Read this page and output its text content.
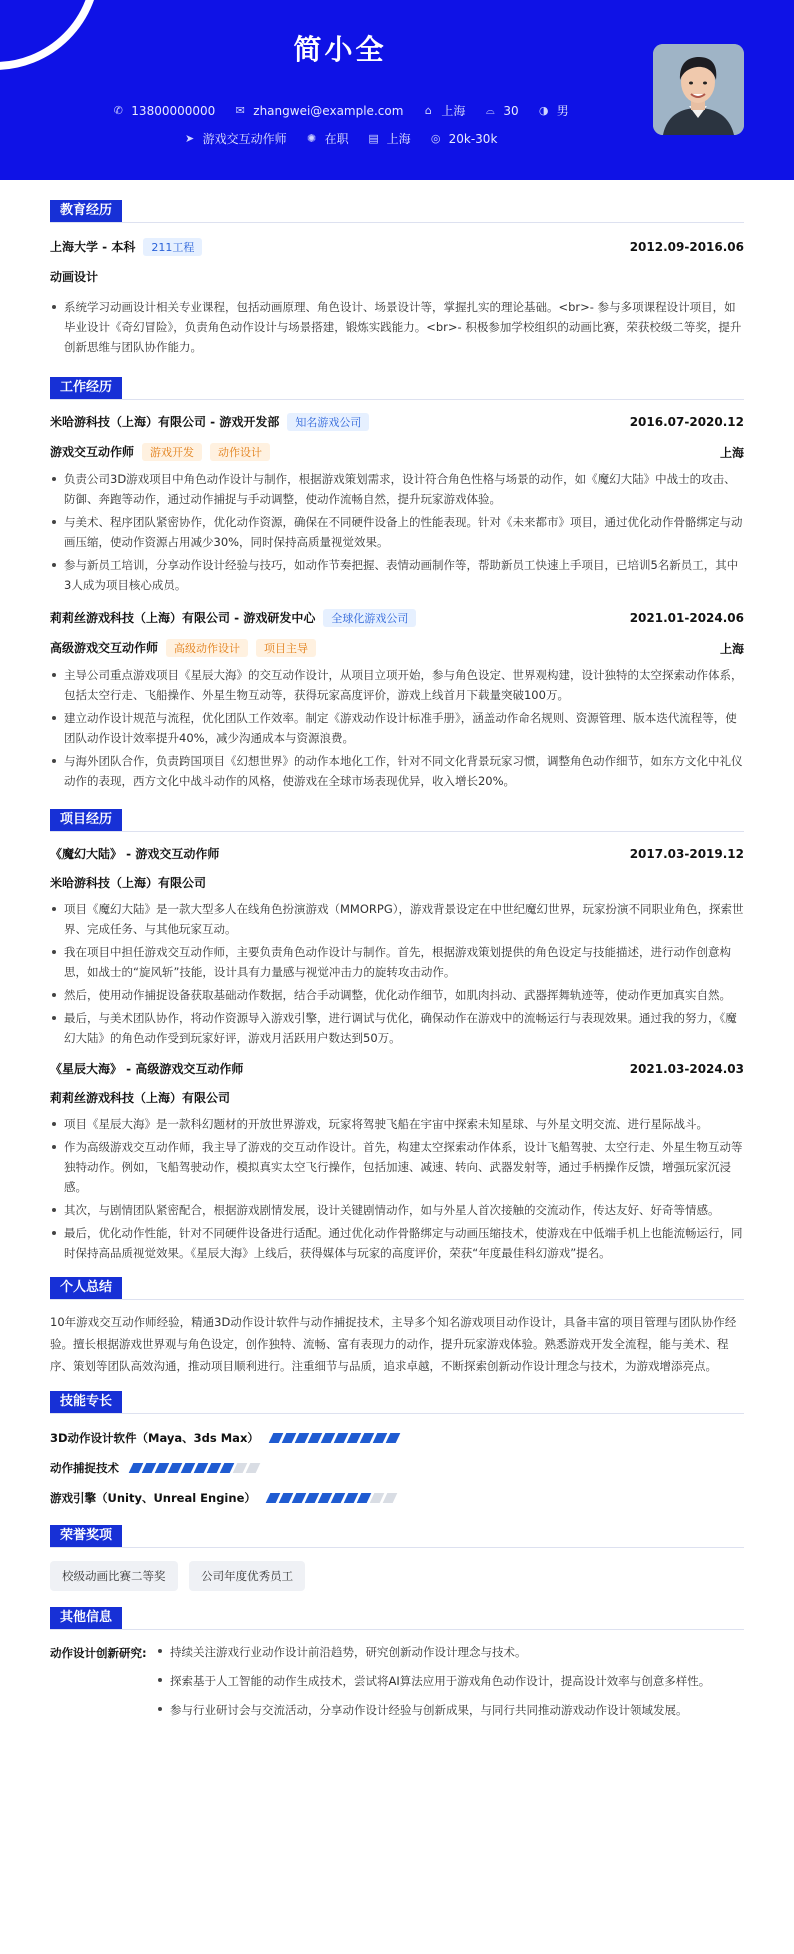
简小全
✆ 13800000000 ✉ zhangwei@example.com	⌂ 上海 ⌓ 30 ◑ 男
➤ 游戏交互动作师 ✺ 在职 ▤ 上海 ◎ 20k-30k
教育经历
上海大学 - 本科 211工程	2012.09-2016.06
动画设计
系统学习动画设计相关专业课程，包括动画原理、角色设计、场景设计等，掌握扎实的理论基础。<br>- 参与多项课程设计项目，如毕业设计《奇幻冒险》，负责角色动作设计与场景搭建，锻炼实践能力。<br>- 积极参加学校组织的动画比赛，荣获校级二等奖，提升创新思维与团队协作能力。
工作经历
米哈游科技（上海）有限公司 - 游戏开发部 知名游戏公司	2016.07-2020.12
游戏交互动作师 游戏开发 动作设计	上海
负责公司3D游戏项目中角色动作设计与制作，根据游戏策划需求，设计符合角色性格与场景的动作，如《魔幻大陆》中战士的攻击、防御、奔跑等动作，通过动作捕捉与手动调整，使动作流畅自然，提升玩家游戏体验。
与美术、程序团队紧密协作，优化动作资源，确保在不同硬件设备上的性能表现。针对《未来都市》项目，通过优化动作骨骼绑定与动画压缩，使动作资源占用减少30%，同时保持高质量视觉效果。
参与新员工培训，分享动作设计经验与技巧，如动作节奏把握、表情动画制作等，帮助新员工快速上手项目，已培训5名新员工，其中3人成为项目核心成员。
莉莉丝游戏科技（上海）有限公司 - 游戏研发中心 全球化游戏公司	2021.01-2024.06
高级游戏交互动作师 高级动作设计 项目主导	上海
主导公司重点游戏项目《星辰大海》的交互动作设计，从项目立项开始，参与角色设定、世界观构建，设计独特的太空探索动作体系，包括太空行走、飞船操作、外星生物互动等，获得玩家高度评价，游戏上线首月下载量突破100万。
建立动作设计规范与流程，优化团队工作效率。制定《游戏动作设计标准手册》，涵盖动作命名规则、资源管理、版本迭代流程等，使团队动作设计效率提升40%，减少沟通成本与资源浪费。
与海外团队合作，负责跨国项目《幻想世界》的动作本地化工作，针对不同文化背景玩家习惯，调整角色动作细节，如东方文化中礼仪动作的表现，西方文化中战斗动作的风格，使游戏在全球市场表现优异，收入增长20%。
项目经历
《魔幻大陆》 - 游戏交互动作师	2017.03-2019.12
米哈游科技（上海）有限公司
项目《魔幻大陆》是一款大型多人在线角色扮演游戏（MMORPG），游戏背景设定在中世纪魔幻世界，玩家扮演不同职业角色，探索世界、完成任务、与其他玩家互动。
我在项目中担任游戏交互动作师，主要负责角色动作设计与制作。首先，根据游戏策划提供的角色设定与技能描述，进行动作创意构思，如战士的“旋风斩”技能，设计具有力量感与视觉冲击力的旋转攻击动作。
然后，使用动作捕捉设备获取基础动作数据，结合手动调整，优化动作细节，如肌肉抖动、武器挥舞轨迹等，使动作更加真实自然。
最后，与美术团队协作，将动作资源导入游戏引擎，进行调试与优化，确保动作在游戏中的流畅运行与表现效果。通过我的努力，《魔幻大陆》的角色动作受到玩家好评，游戏月活跃用户数达到50万。
《星辰大海》 - 高级游戏交互动作师	2021.03-2024.03
莉莉丝游戏科技（上海）有限公司
项目《星辰大海》是一款科幻题材的开放世界游戏，玩家将驾驶飞船在宇宙中探索未知星球、与外星文明交流、进行星际战斗。
作为高级游戏交互动作师，我主导了游戏的交互动作设计。首先，构建太空探索动作体系，设计飞船驾驶、太空行走、外星生物互动等独特动作。例如，飞船驾驶动作，模拟真实太空飞行操作，包括加速、减速、转向、武器发射等，通过手柄操作反馈，增强玩家沉浸感。
其次，与剧情团队紧密配合，根据游戏剧情发展，设计关键剧情动作，如与外星人首次接触的交流动作，传达友好、好奇等情感。
最后，优化动作性能，针对不同硬件设备进行适配。通过优化动作骨骼绑定与动画压缩技术，使游戏在中低端手机上也能流畅运行，同时保持高品质视觉效果。《星辰大海》上线后，获得媒体与玩家的高度评价，荣获“年度最佳科幻游戏”提名。
个人总结
10年游戏交互动作师经验，精通3D动作设计软件与动作捕捉技术，主导多个知名游戏项目动作设计，具备丰富的项目管理与团队协作经验。擅长根据游戏世界观与角色设定，创作独特、流畅、富有表现力的动作，提升玩家游戏体验。熟悉游戏开发全流程，能与美术、程序、策划等团队高效沟通，推动项目顺利进行。注重细节与品质，追求卓越，不断探索创新动作设计理念与技术，为游戏增添亮点。
技能专长
3D动作设计软件（Maya、3ds Max）
动作捕捉技术
游戏引擎（Unity、Unreal Engine）
荣誉奖项
校级动画比赛二等奖	公司年度优秀员工
其他信息
动作设计创新研究:	持续关注游戏行业动作设计前沿趋势，研究创新动作设计理念与技术。
探索基于人工智能的动作生成技术，尝试将AI算法应用于游戏角色动作设计，提高设计效率与创意多样性。
参与行业研讨会与交流活动，分享动作设计经验与创新成果，与同行共同推动游戏动作设计领域发展。
